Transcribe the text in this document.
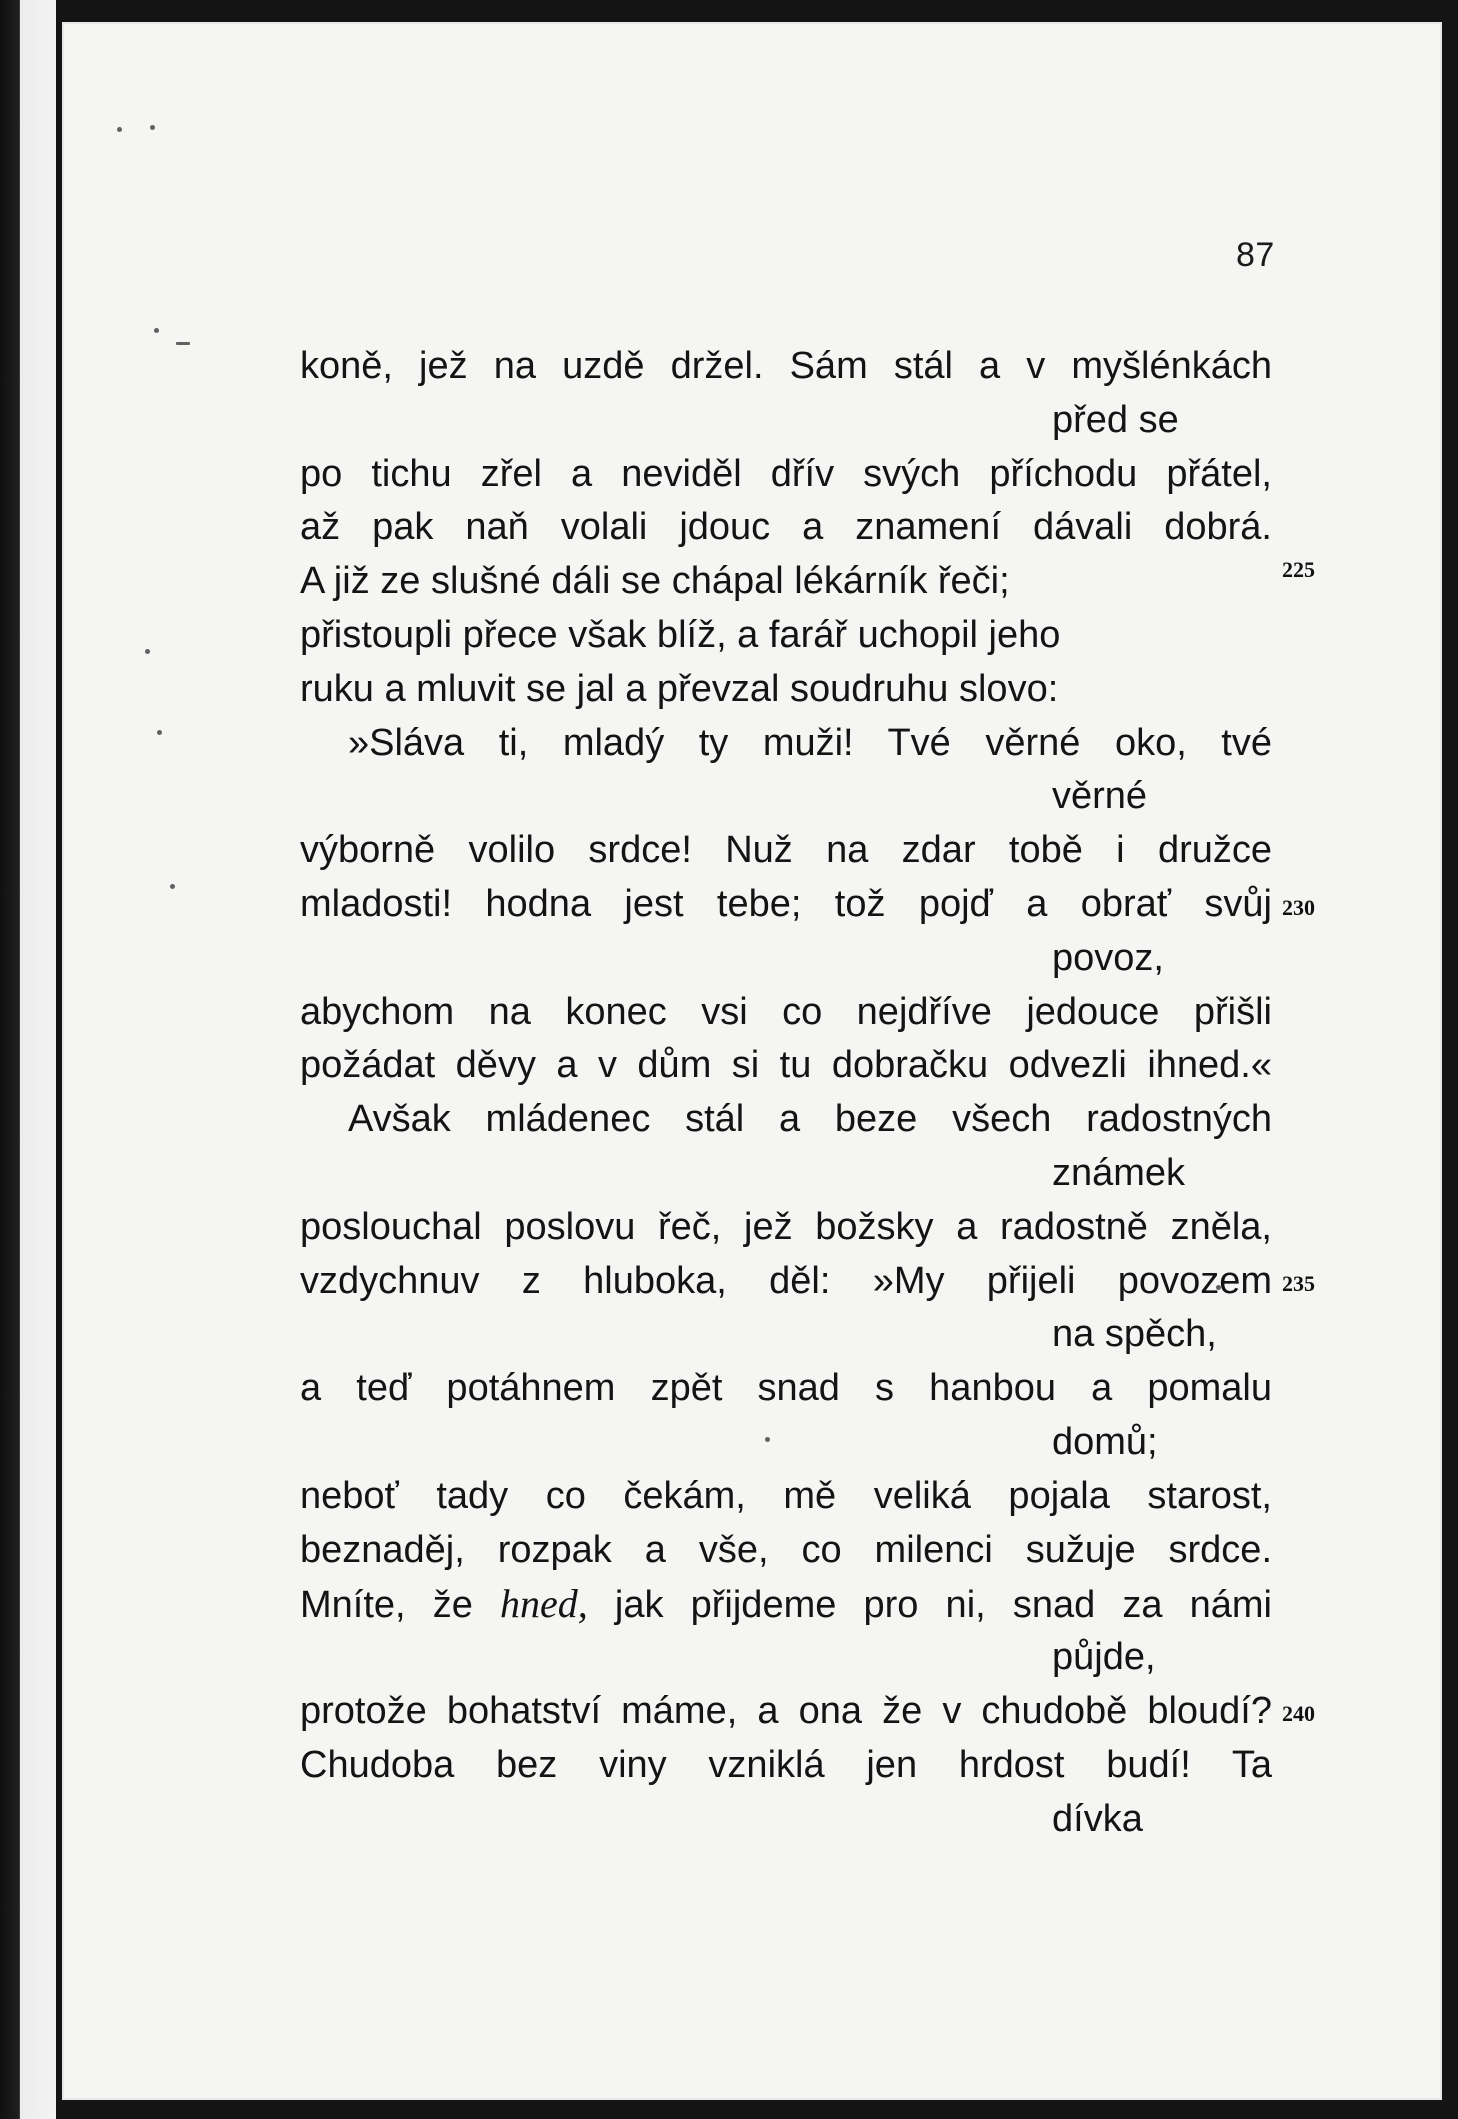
87
koně, jež na uzdě držel. Sám stál a v myšlénkách
před se
po tichu zřel a neviděl dřív svých příchodu přátel,
až pak naň volali jdouc a znamení dávali dobrá.
A již ze slušné dáli se chápal lékárník řeči;
přistoupli přece však blíž, a farář uchopil jeho
ruku a mluvit se jal a převzal soudruhu slovo:
»Sláva ti, mladý ty muži! Tvé věrné oko, tvé
věrné
výborně volilo srdce! Nuž na zdar tobě i družce
mladosti! hodna jest tebe; tož pojď a obrať svůj
povoz,
abychom na konec vsi co nejdříve jedouce přišli
požádat děvy a v dům si tu dobračku odvezli ihned.«
Avšak mládenec stál a beze všech radostných
známek
poslouchal poslovu řeč, jež božsky a radostně zněla,
vzdychnuv z hluboka, děl: »My přijeli povozem
na spěch,
a teď potáhnem zpět snad s hanbou a pomalu
domů;
neboť tady co čekám, mě veliká pojala starost,
beznaděj, rozpak a vše, co milenci sužuje srdce.
Mníte, že hned, jak přijdeme pro ni, snad za námi
půjde,
protože bohatství máme, a ona že v chudobě bloudí?
Chudoba bez viny vzniklá jen hrdost budí! Ta
dívka
225
230
235
240
